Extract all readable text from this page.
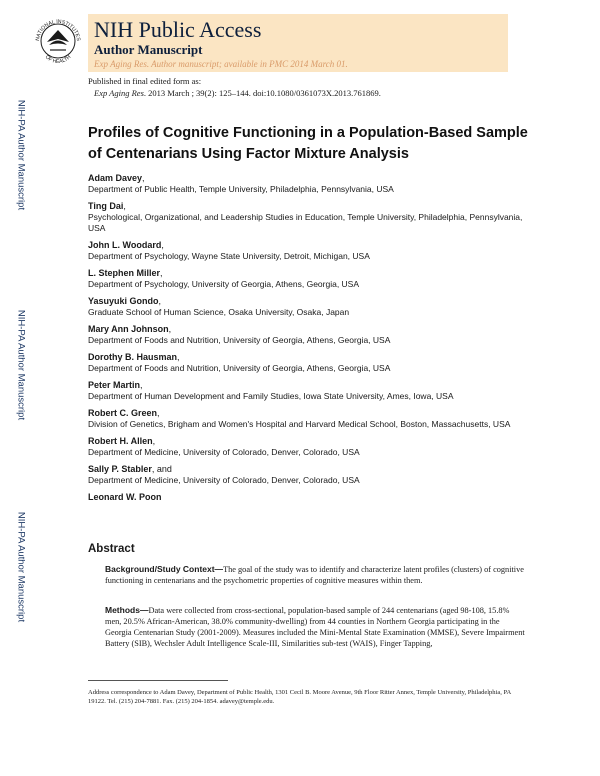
NATIONAL INSTITUTES
OF HEALTH
NIH Public Access
Author Manuscript
Exp Aging Res. Author manuscript; available in PMC 2014 March 01.
NIH-PA Author Manuscript
NIH-PA Author Manuscript
NIH-PA Author Manuscript
Published in final edited form as:
Exp Aging Res. 2013 March ; 39(2): 125–144. doi:10.1080/0361073X.2013.761869.
Profiles of Cognitive Functioning in a Population-Based Sample of Centenarians Using Factor Mixture Analysis
Adam Davey,
Department of Public Health, Temple University, Philadelphia, Pennsylvania, USA
Ting Dai,
Psychological, Organizational, and Leadership Studies in Education, Temple University, Philadelphia, Pennsylvania, USA
John L. Woodard,
Department of Psychology, Wayne State University, Detroit, Michigan, USA
L. Stephen Miller,
Department of Psychology, University of Georgia, Athens, Georgia, USA
Yasuyuki Gondo,
Graduate School of Human Science, Osaka University, Osaka, Japan
Mary Ann Johnson,
Department of Foods and Nutrition, University of Georgia, Athens, Georgia, USA
Dorothy B. Hausman,
Department of Foods and Nutrition, University of Georgia, Athens, Georgia, USA
Peter Martin,
Department of Human Development and Family Studies, Iowa State University, Ames, Iowa, USA
Robert C. Green,
Division of Genetics, Brigham and Women's Hospital and Harvard Medical School, Boston, Massachusetts, USA
Robert H. Allen,
Department of Medicine, University of Colorado, Denver, Colorado, USA
Sally P. Stabler, and
Department of Medicine, University of Colorado, Denver, Colorado, USA
Leonard W. Poon
Abstract
Background/Study Context—The goal of the study was to identify and characterize latent profiles (clusters) of cognitive functioning in centenarians and the psychometric properties of cognitive measures within them.
Methods—Data were collected from cross-sectional, population-based sample of 244 centenarians (aged 98-108, 15.8% men, 20.5% African-American, 38.0% community-dwelling) from 44 counties in Northern Georgia participating in the Georgia Centenarian Study (2001-2009). Measures included the Mini-Mental State Examination (MMSE), Severe Impairment Battery (SIB), Wechsler Adult Intelligence Scale-III, Similarities sub-test (WAIS), Finger Tapping,
Address correspondence to Adam Davey, Department of Public Health, 1301 Cecil B. Moore Avenue, 9th Floor Ritter Annex, Temple University, Philadelphia, PA 19122. Tel. (215) 204-7881. Fax. (215) 204-1854. adavey@temple.edu.
